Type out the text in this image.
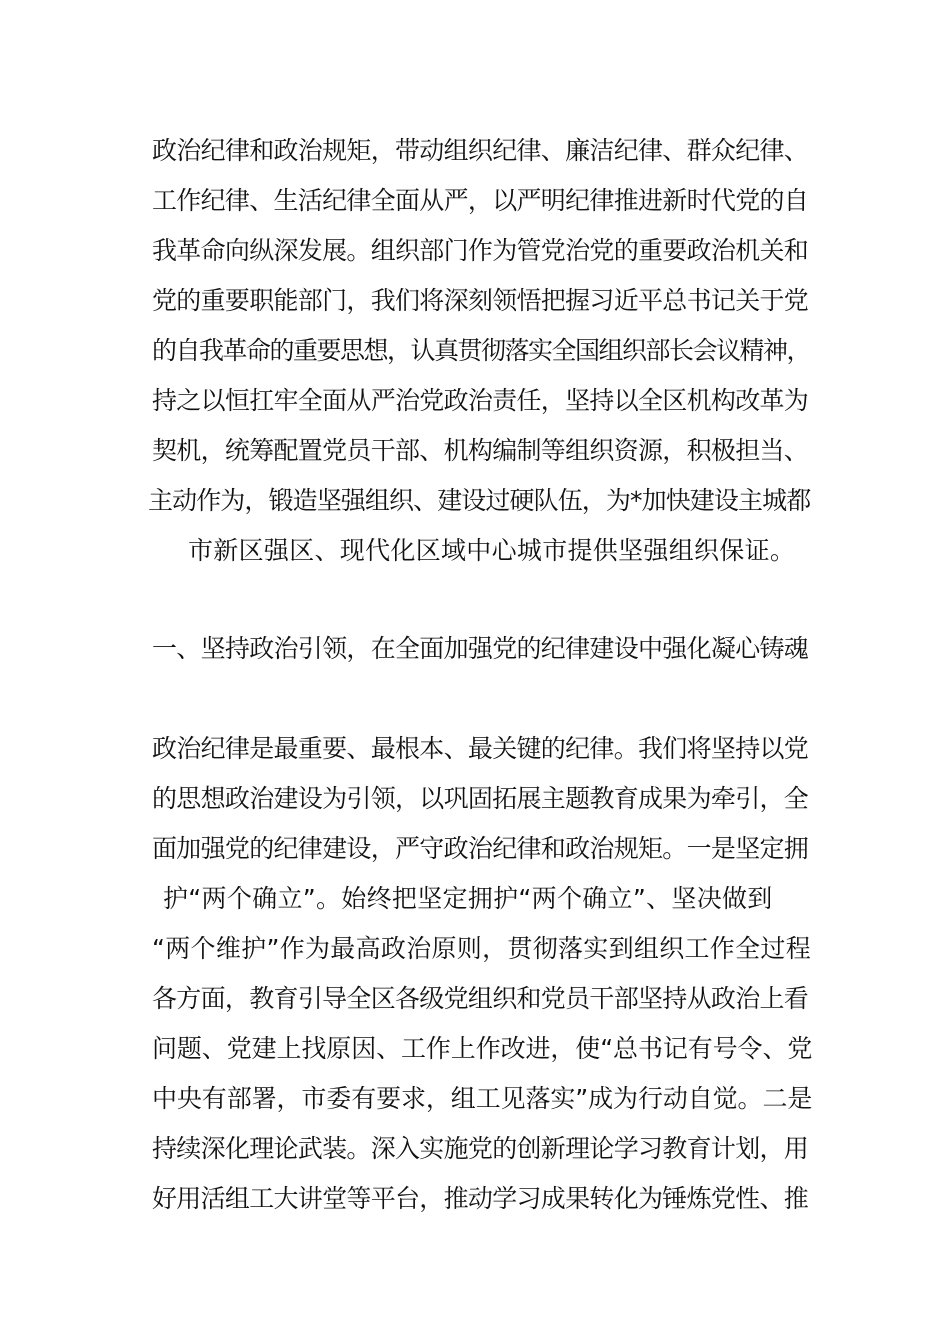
政治纪律和政治规矩，带动组织纪律、廉洁纪律、群众纪律、
工作纪律、生活纪律全面从严，以严明纪律推进新时代党的自
我革命向纵深发展。组织部门作为管党治党的重要政治机关和
党的重要职能部门，我们将深刻领悟把握习近平总书记关于党
的自我革命的重要思想，认真贯彻落实全国组织部长会议精神，
持之以恒扛牢全面从严治党政治责任，坚持以全区机构改革为
契机，统筹配置党员干部、机构编制等组织资源，积极担当、
主动作为，锻造坚强组织、建设过硬队伍，为*加快建设主城都
市新区强区、现代化区域中心城市提供坚强组织保证。
一、坚持政治引领，在全面加强党的纪律建设中强化凝心铸魂
政治纪律是最重要、最根本、最关键的纪律。我们将坚持以党
的思想政治建设为引领，以巩固拓展主题教育成果为牵引，全
面加强党的纪律建设，严守政治纪律和政治规矩。一是坚定拥
护“两个确立”。始终把坚定拥护“两个确立”、坚决做到
“两个维护”作为最高政治原则，贯彻落实到组织工作全过程
各方面，教育引导全区各级党组织和党员干部坚持从政治上看
问题、党建上找原因、工作上作改进，使“总书记有号令、党
中央有部署，市委有要求，组工见落实”成为行动自觉。二是
持续深化理论武装。深入实施党的创新理论学习教育计划，用
好用活组工大讲堂等平台，推动学习成果转化为锤炼党性、推
